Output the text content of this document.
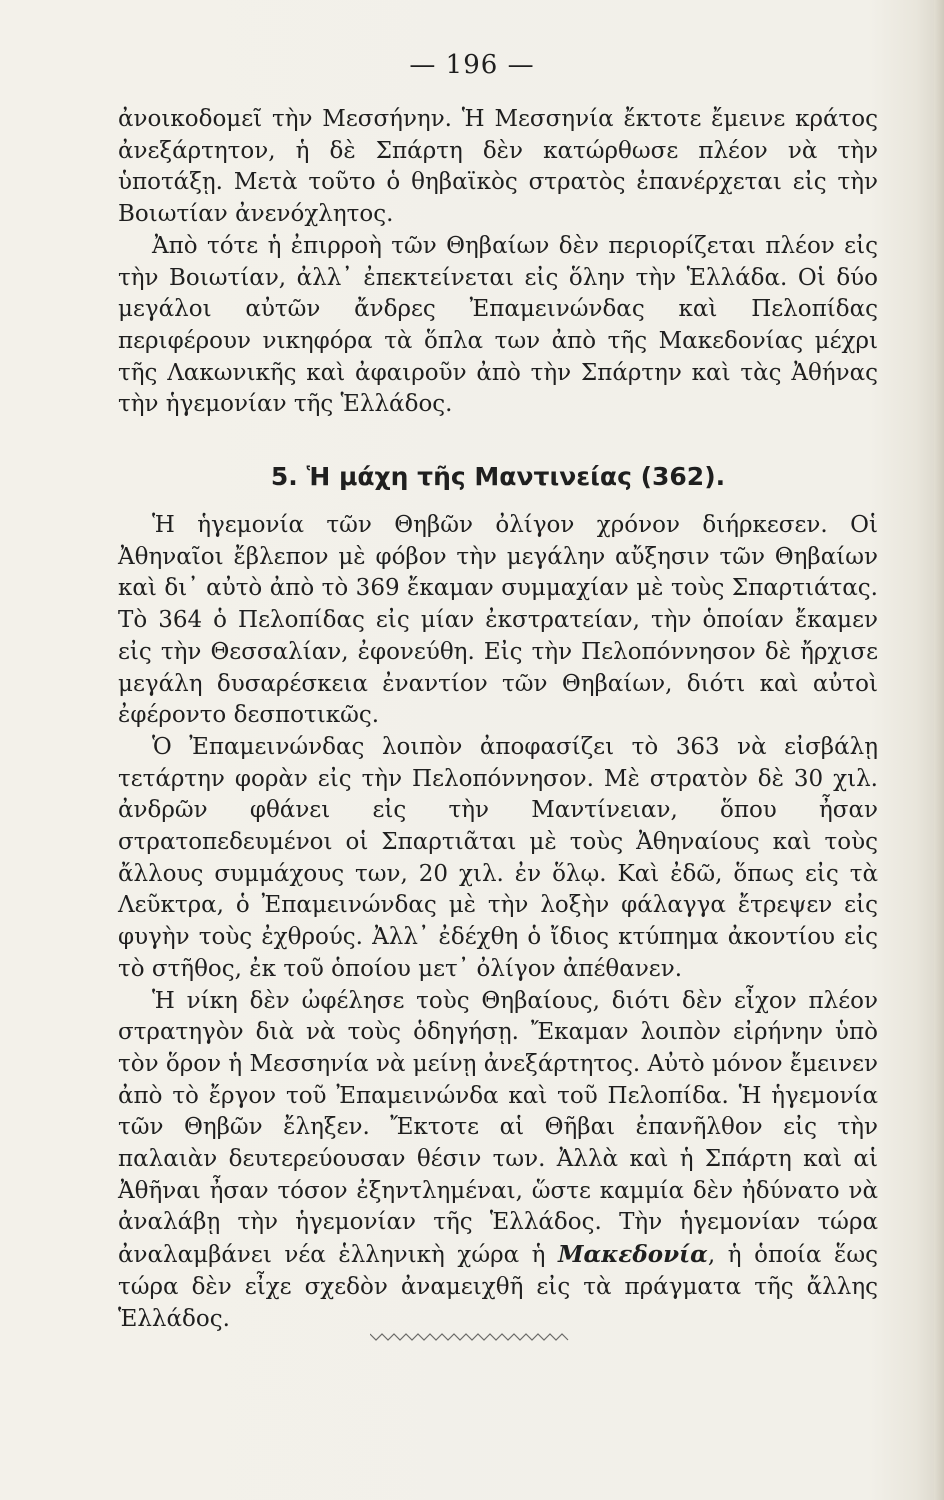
— 196 —

ἀνοικοδομεῖ τὴν Μεσσήνην. Ἡ Μεσσηνία ἔκτοτε ἔμεινε κράτος ἀνεξάρτητον, ἡ δὲ Σπάρτη δὲν κατώρθωσε πλέον νὰ τὴν ὑποτάξῃ. Μετὰ τοῦτο ὁ θηβαϊκὸς στρατὸς ἐπανέρχεται εἰς τὴν Βοιωτίαν ἀνενόχλητος.

Ἀπὸ τότε ἡ ἐπιρροὴ τῶν Θηβαίων δὲν περιορίζεται πλέον εἰς τὴν Βοιωτίαν, ἀλλ᾽ ἐπεκτείνεται εἰς ὅλην τὴν Ἑλλάδα. Οἱ δύο μεγάλοι αὐτῶν ἄνδρες Ἐπαμεινώνδας καὶ Πελοπίδας περιφέρουν νικηφόρα τὰ ὅπλα των ἀπὸ τῆς Μακεδονίας μέχρι τῆς Λακωνικῆς καὶ ἀφαιροῦν ἀπὸ τὴν Σπάρτην καὶ τὰς Ἀθήνας τὴν ἡγεμονίαν τῆς Ἑλλάδος.

5. Ἡ μάχη τῆς Μαντινείας (362).

Ἡ ἡγεμονία τῶν Θηβῶν ὀλίγον χρόνον διήρκεσεν. Οἱ Ἀθηναῖοι ἔβλεπον μὲ φόβον τὴν μεγάλην αὔξησιν τῶν Θηβαίων καὶ δι᾽ αὐτὸ ἀπὸ τὸ 369 ἔκαμαν συμμαχίαν μὲ τοὺς Σπαρτιάτας. Τὸ 364 ὁ Πελοπίδας εἰς μίαν ἐκστρατείαν, τὴν ὁποίαν ἔκαμεν εἰς τὴν Θεσσαλίαν, ἐφονεύθη. Εἰς τὴν Πελοπόννησον δὲ ἤρχισε μεγάλη δυσαρέσκεια ἐναντίον τῶν Θηβαίων, διότι καὶ αὐτοὶ ἐφέροντο δεσποτικῶς.

Ὁ Ἐπαμεινώνδας λοιπὸν ἀποφασίζει τὸ 363 νὰ εἰσβάλῃ τετάρτην φορὰν εἰς τὴν Πελοπόννησον. Μὲ στρατὸν δὲ 30 χιλ. ἀνδρῶν φθάνει εἰς τὴν Μαντίνειαν, ὅπου ἦσαν στρατοπεδευμένοι οἱ Σπαρτιᾶται μὲ τοὺς Ἀθηναίους καὶ τοὺς ἄλλους συμμάχους των, 20 χιλ. ἐν ὅλῳ. Καὶ ἐδῶ, ὅπως εἰς τὰ Λεῦκτρα, ὁ Ἐπαμεινώνδας μὲ τὴν λοξὴν φάλαγγα ἔτρεψεν εἰς φυγὴν τοὺς ἐχθρούς. Ἀλλ᾽ ἐδέχθη ὁ ἴδιος κτύπημα ἀκοντίου εἰς τὸ στῆθος, ἐκ τοῦ ὁποίου μετ᾽ ὀλίγον ἀπέθανεν.

Ἡ νίκη δὲν ὠφέλησε τοὺς Θηβαίους, διότι δὲν εἶχον πλέον στρατηγὸν διὰ νὰ τοὺς ὁδηγήσῃ. Ἔκαμαν λοιπὸν εἰρήνην ὑπὸ τὸν ὅρον ἡ Μεσσηνία νὰ μείνῃ ἀνεξάρτητος. Αὐτὸ μόνον ἔμεινεν ἀπὸ τὸ ἔργον τοῦ Ἐπαμεινώνδα καὶ τοῦ Πελοπίδα. Ἡ ἡγεμονία τῶν Θηβῶν ἔληξεν. Ἔκτοτε αἱ Θῆβαι ἐπανῆλθον εἰς τὴν παλαιὰν δευτερεύουσαν θέσιν των. Ἀλλὰ καὶ ἡ Σπάρτη καὶ αἱ Ἀθῆναι ἦσαν τόσον ἐξηντλημέναι, ὥστε καμμία δὲν ἠδύνατο νὰ ἀναλάβῃ τὴν ἡγεμονίαν τῆς Ἑλλάδος. Τὴν ἡγεμονίαν τώρα ἀναλαμβάνει νέα ἑλληνικὴ χώρα ἡ Μακεδονία, ἡ ὁποία ἕως τώρα δὲν εἶχε σχεδὸν ἀναμειχθῆ εἰς τὰ πράγματα τῆς ἄλλης Ἑλλάδος.
